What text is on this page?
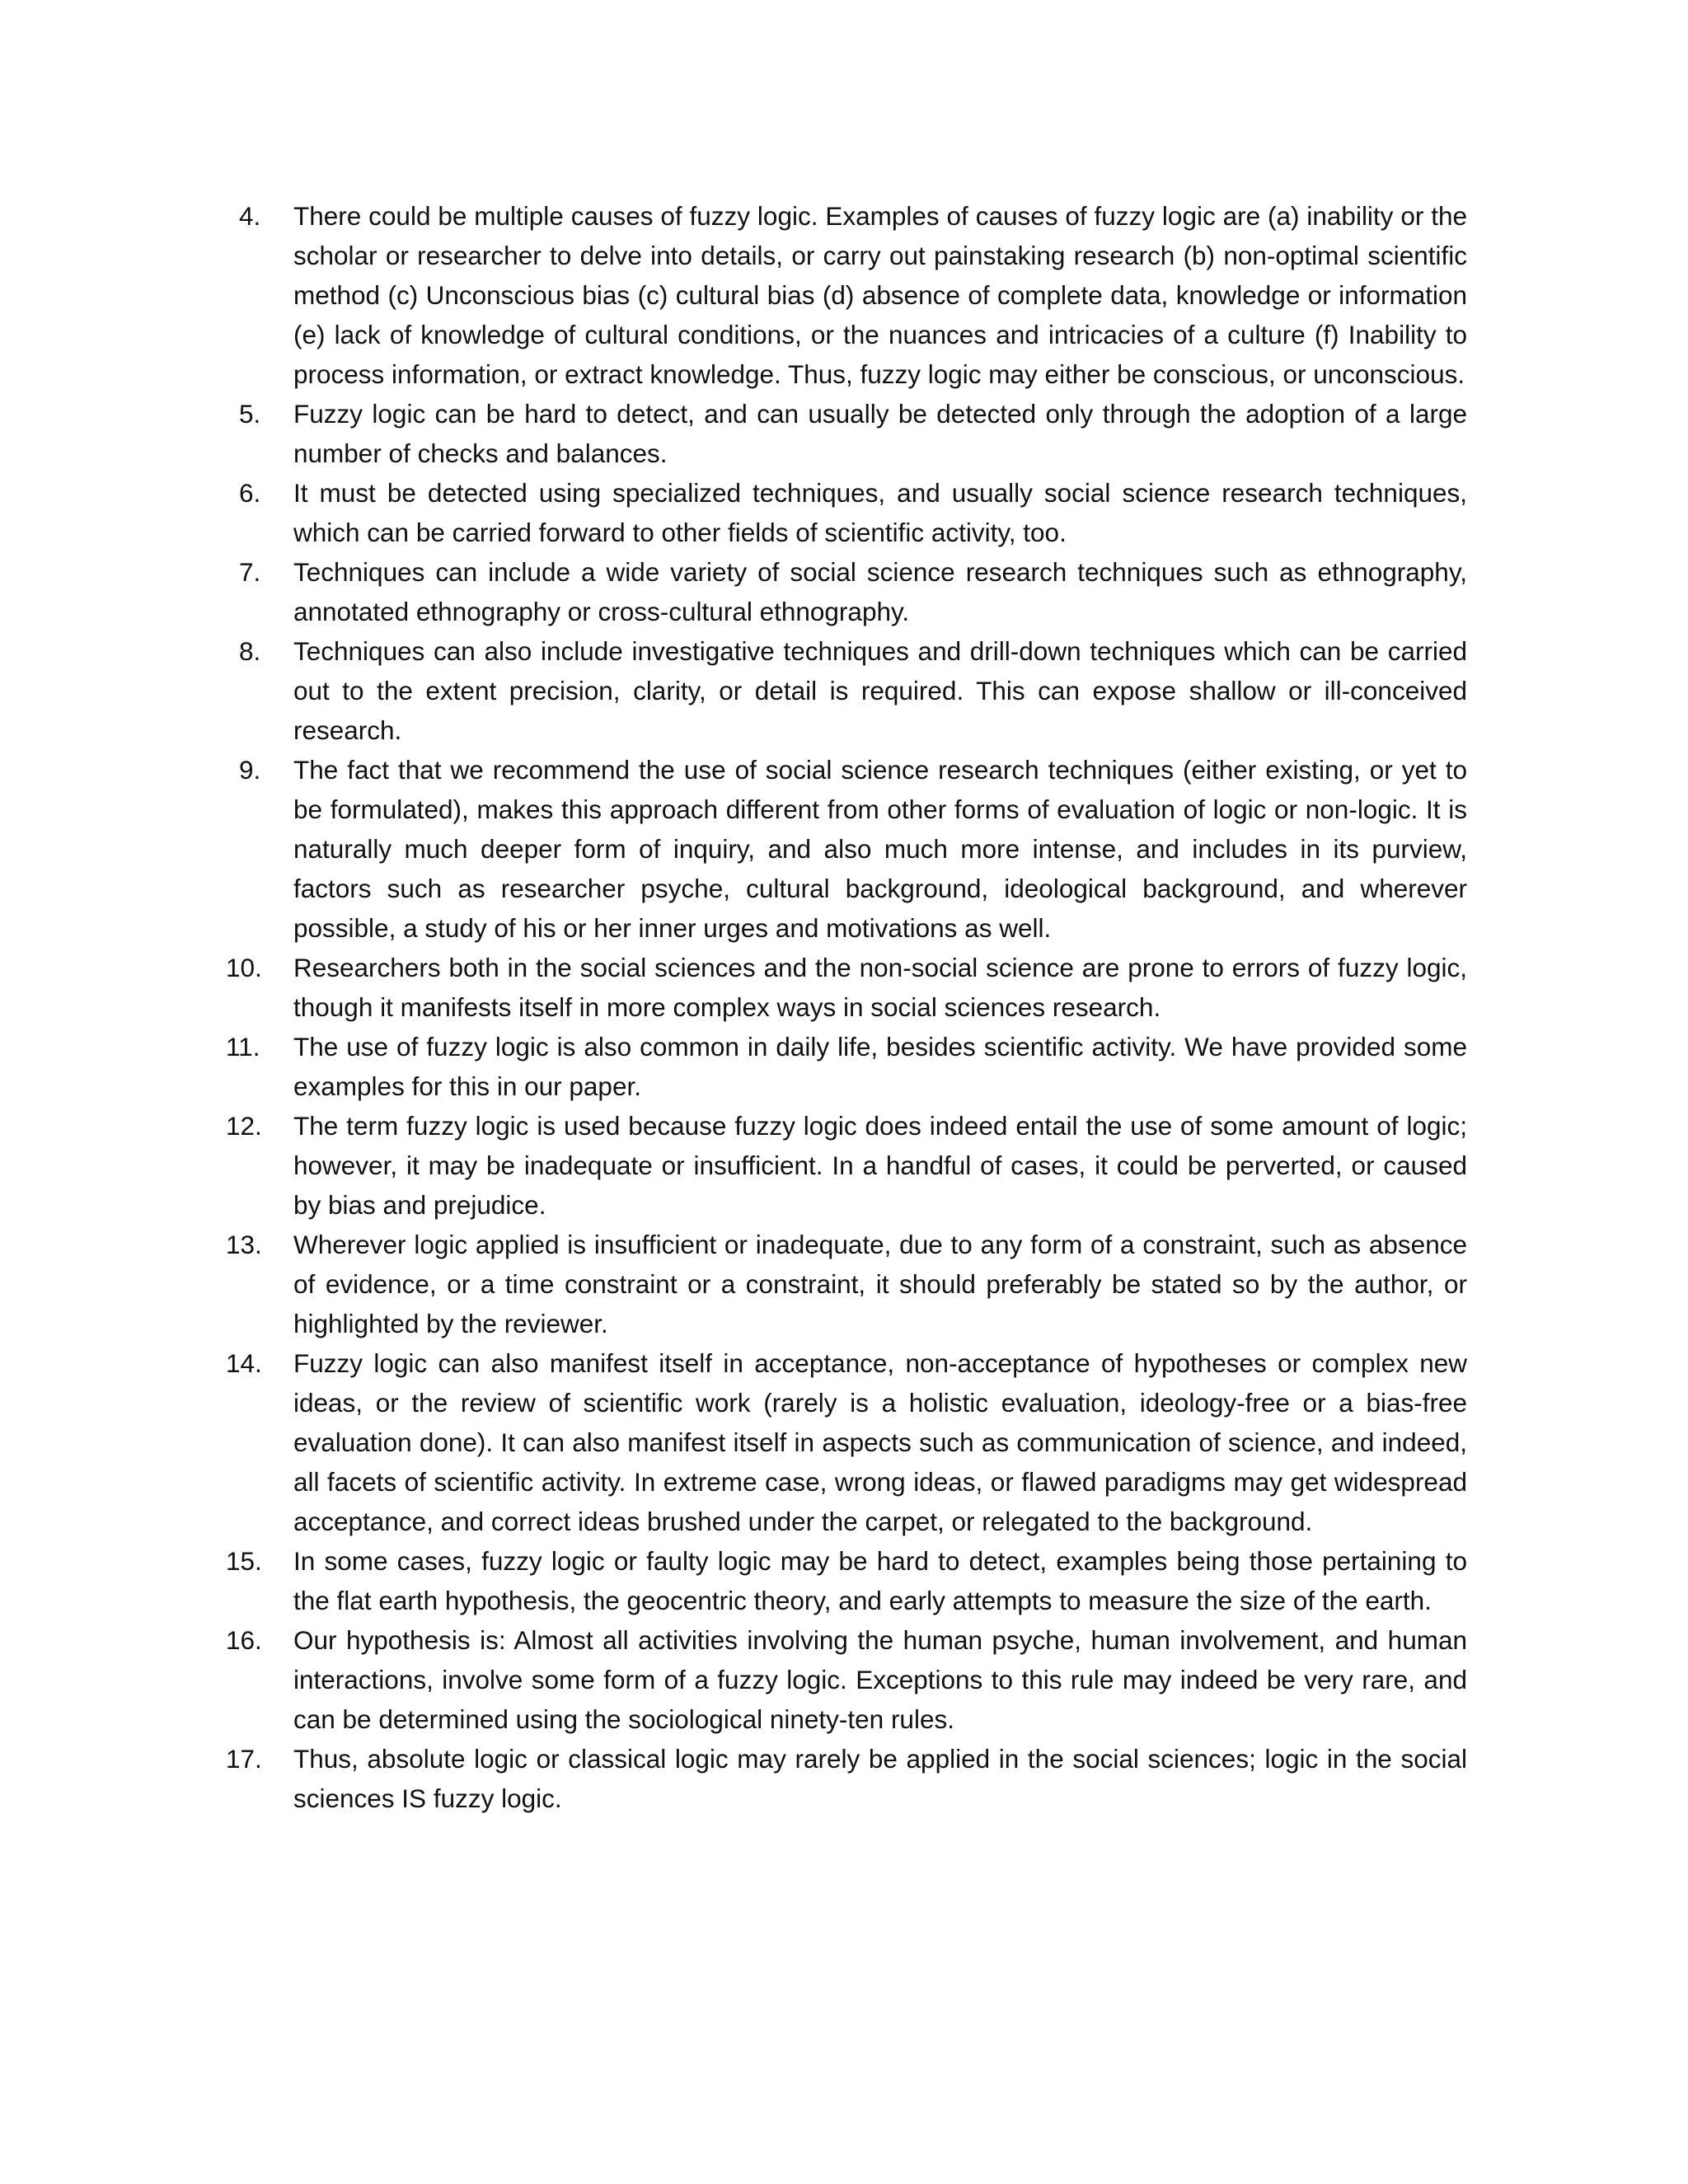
4.	There could be multiple causes of fuzzy logic. Examples of causes of fuzzy logic are (a) inability or the scholar or researcher to delve into details, or carry out painstaking research (b) non-optimal scientific method (c) Unconscious bias (c) cultural bias (d) absence of complete data, knowledge or information (e) lack of knowledge of cultural conditions, or the nuances and intricacies of a culture (f) Inability to process information, or extract knowledge. Thus, fuzzy logic may either be conscious, or unconscious.
5.	Fuzzy logic can be hard to detect, and can usually be detected only through the adoption of a large number of checks and balances.
6.	It must be detected using specialized techniques, and usually social science research techniques, which can be carried forward to other fields of scientific activity, too.
7.	Techniques can include a wide variety of social science research techniques such as ethnography, annotated ethnography or cross-cultural ethnography.
8.	Techniques can also include investigative techniques and drill-down techniques which can be carried out to the extent precision, clarity, or detail is required. This can expose shallow or ill-conceived research.
9.	The fact that we recommend the use of social science research techniques (either existing, or yet to be formulated), makes this approach different from other forms of evaluation of logic or non-logic. It is naturally much deeper form of inquiry, and also much more intense, and includes in its purview, factors such as researcher psyche, cultural background, ideological background, and wherever possible, a study of his or her inner urges and motivations as well.
10.	Researchers both in the social sciences and the non-social science are prone to errors of fuzzy logic, though it manifests itself in more complex ways in social sciences research.
11.	The use of fuzzy logic is also common in daily life, besides scientific activity. We have provided some examples for this in our paper.
12.	The term fuzzy logic is used because fuzzy logic does indeed entail the use of some amount of logic; however, it may be inadequate or insufficient. In a handful of cases, it could be perverted, or caused by bias and prejudice.
13.	Wherever logic applied is insufficient or inadequate, due to any form of a constraint, such as absence of evidence, or a time constraint or a constraint, it should preferably be stated so by the author, or highlighted by the reviewer.
14.	Fuzzy logic can also manifest itself in acceptance, non-acceptance of hypotheses or complex new ideas, or the review of scientific work (rarely is a holistic evaluation, ideology-free or a bias-free evaluation done). It can also manifest itself in aspects such as communication of science, and indeed, all facets of scientific activity. In extreme case, wrong ideas, or flawed paradigms may get widespread acceptance, and correct ideas brushed under the carpet, or relegated to the background.
15.	In some cases, fuzzy logic or faulty logic may be hard to detect, examples being those pertaining to the flat earth hypothesis, the geocentric theory, and early attempts to measure the size of the earth.
16.	Our hypothesis is: Almost all activities involving the human psyche, human involvement, and human interactions, involve some form of a fuzzy logic. Exceptions to this rule may indeed be very rare, and can be determined using the sociological ninety-ten rules.
17.	Thus, absolute logic or classical logic may rarely be applied in the social sciences; logic in the social sciences IS fuzzy logic.
